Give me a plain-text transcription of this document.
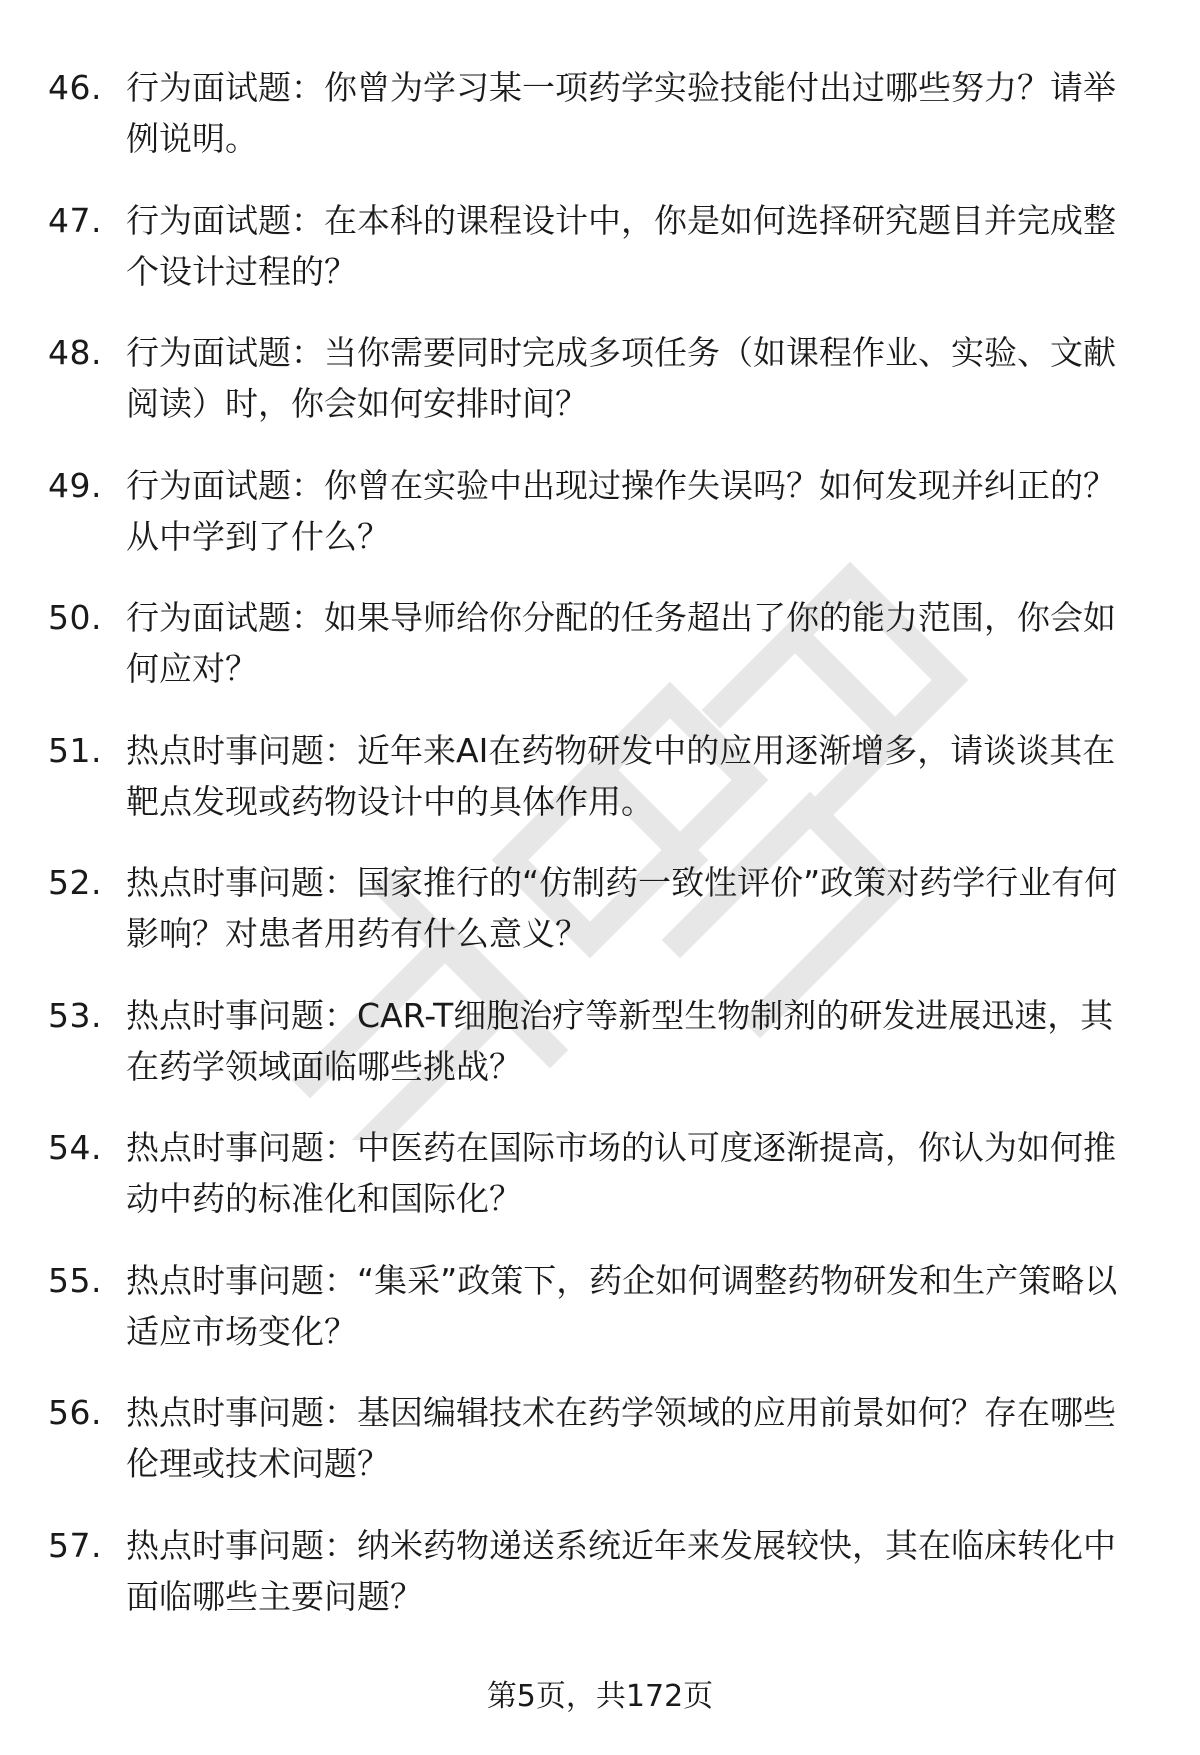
46. 行为面试题：你曾为学习某一项药学实验技能付出过哪些努力？请举例说明。
47. 行为面试题：在本科的课程设计中，你是如何选择研究题目并完成整个设计过程的？
48. 行为面试题：当你需要同时完成多项任务（如课程作业、实验、文献阅读）时，你会如何安排时间？
49. 行为面试题：你曾在实验中出现过操作失误吗？如何发现并纠正的？从中学到了什么？
50. 行为面试题：如果导师给你分配的任务超出了你的能力范围，你会如何应对？
51. 热点时事问题：近年来AI在药物研发中的应用逐渐增多，请谈谈其在靶点发现或药物设计中的具体作用。
52. 热点时事问题：国家推行的“仿制药一致性评价”政策对药学行业有何影响？对患者用药有什么意义？
53. 热点时事问题：CAR-T细胞治疗等新型生物制剂的研发进展迅速，其在药学领域面临哪些挑战？
54. 热点时事问题：中医药在国际市场的认可度逐渐提高，你认为如何推动中药的标准化和国际化？
55. 热点时事问题：“集采”政策下，药企如何调整药物研发和生产策略以适应市场变化？
56. 热点时事问题：基因编辑技术在药学领域的应用前景如何？存在哪些伦理或技术问题？
57. 热点时事问题：纳米药物递送系统近年来发展较快，其在临床转化中面临哪些主要问题？
第5页，共172页
